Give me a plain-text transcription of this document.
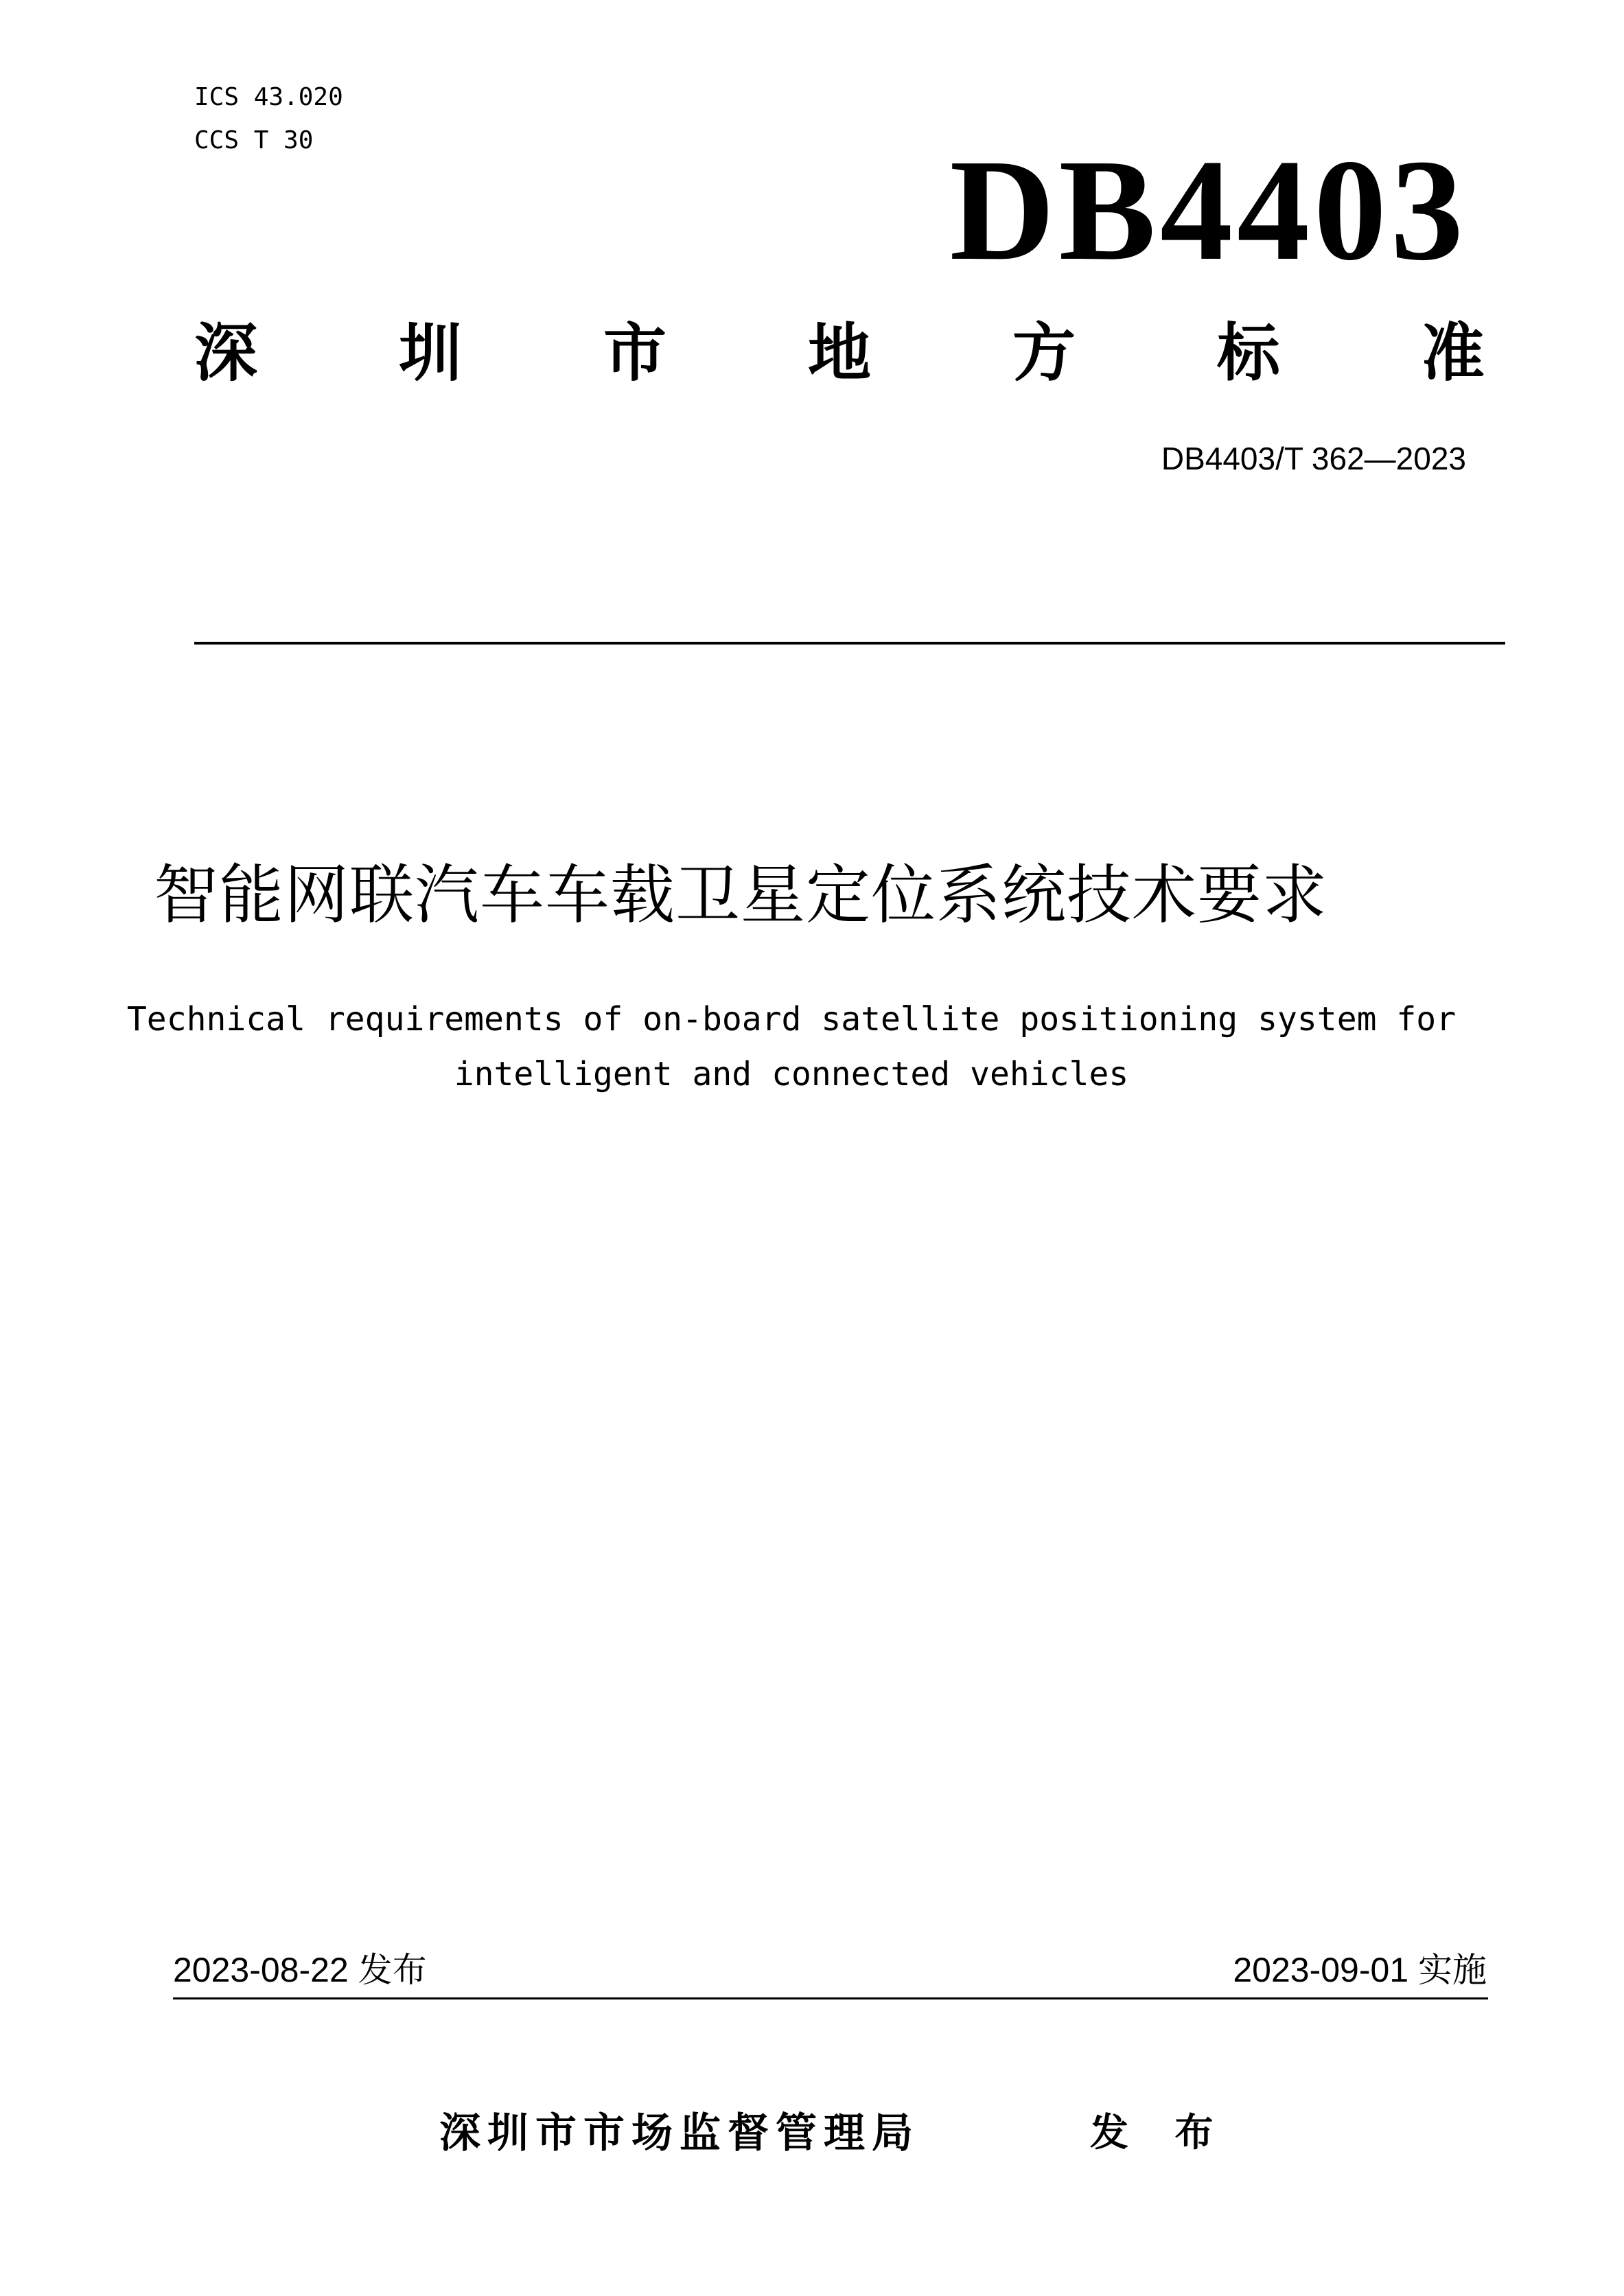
ICS 43.020
CCS T 30	DB4403
深 圳 市 地 方 标 准
DB4403/T 362—2023
智能网联汽车车载卫星定位系统技术要求
Technical requirements of on-board satellite positioning system for
intelligent and connected vehicles
2023-08-22 发布	2023-09-01 实施
深圳市市场监督管理局	发 布
